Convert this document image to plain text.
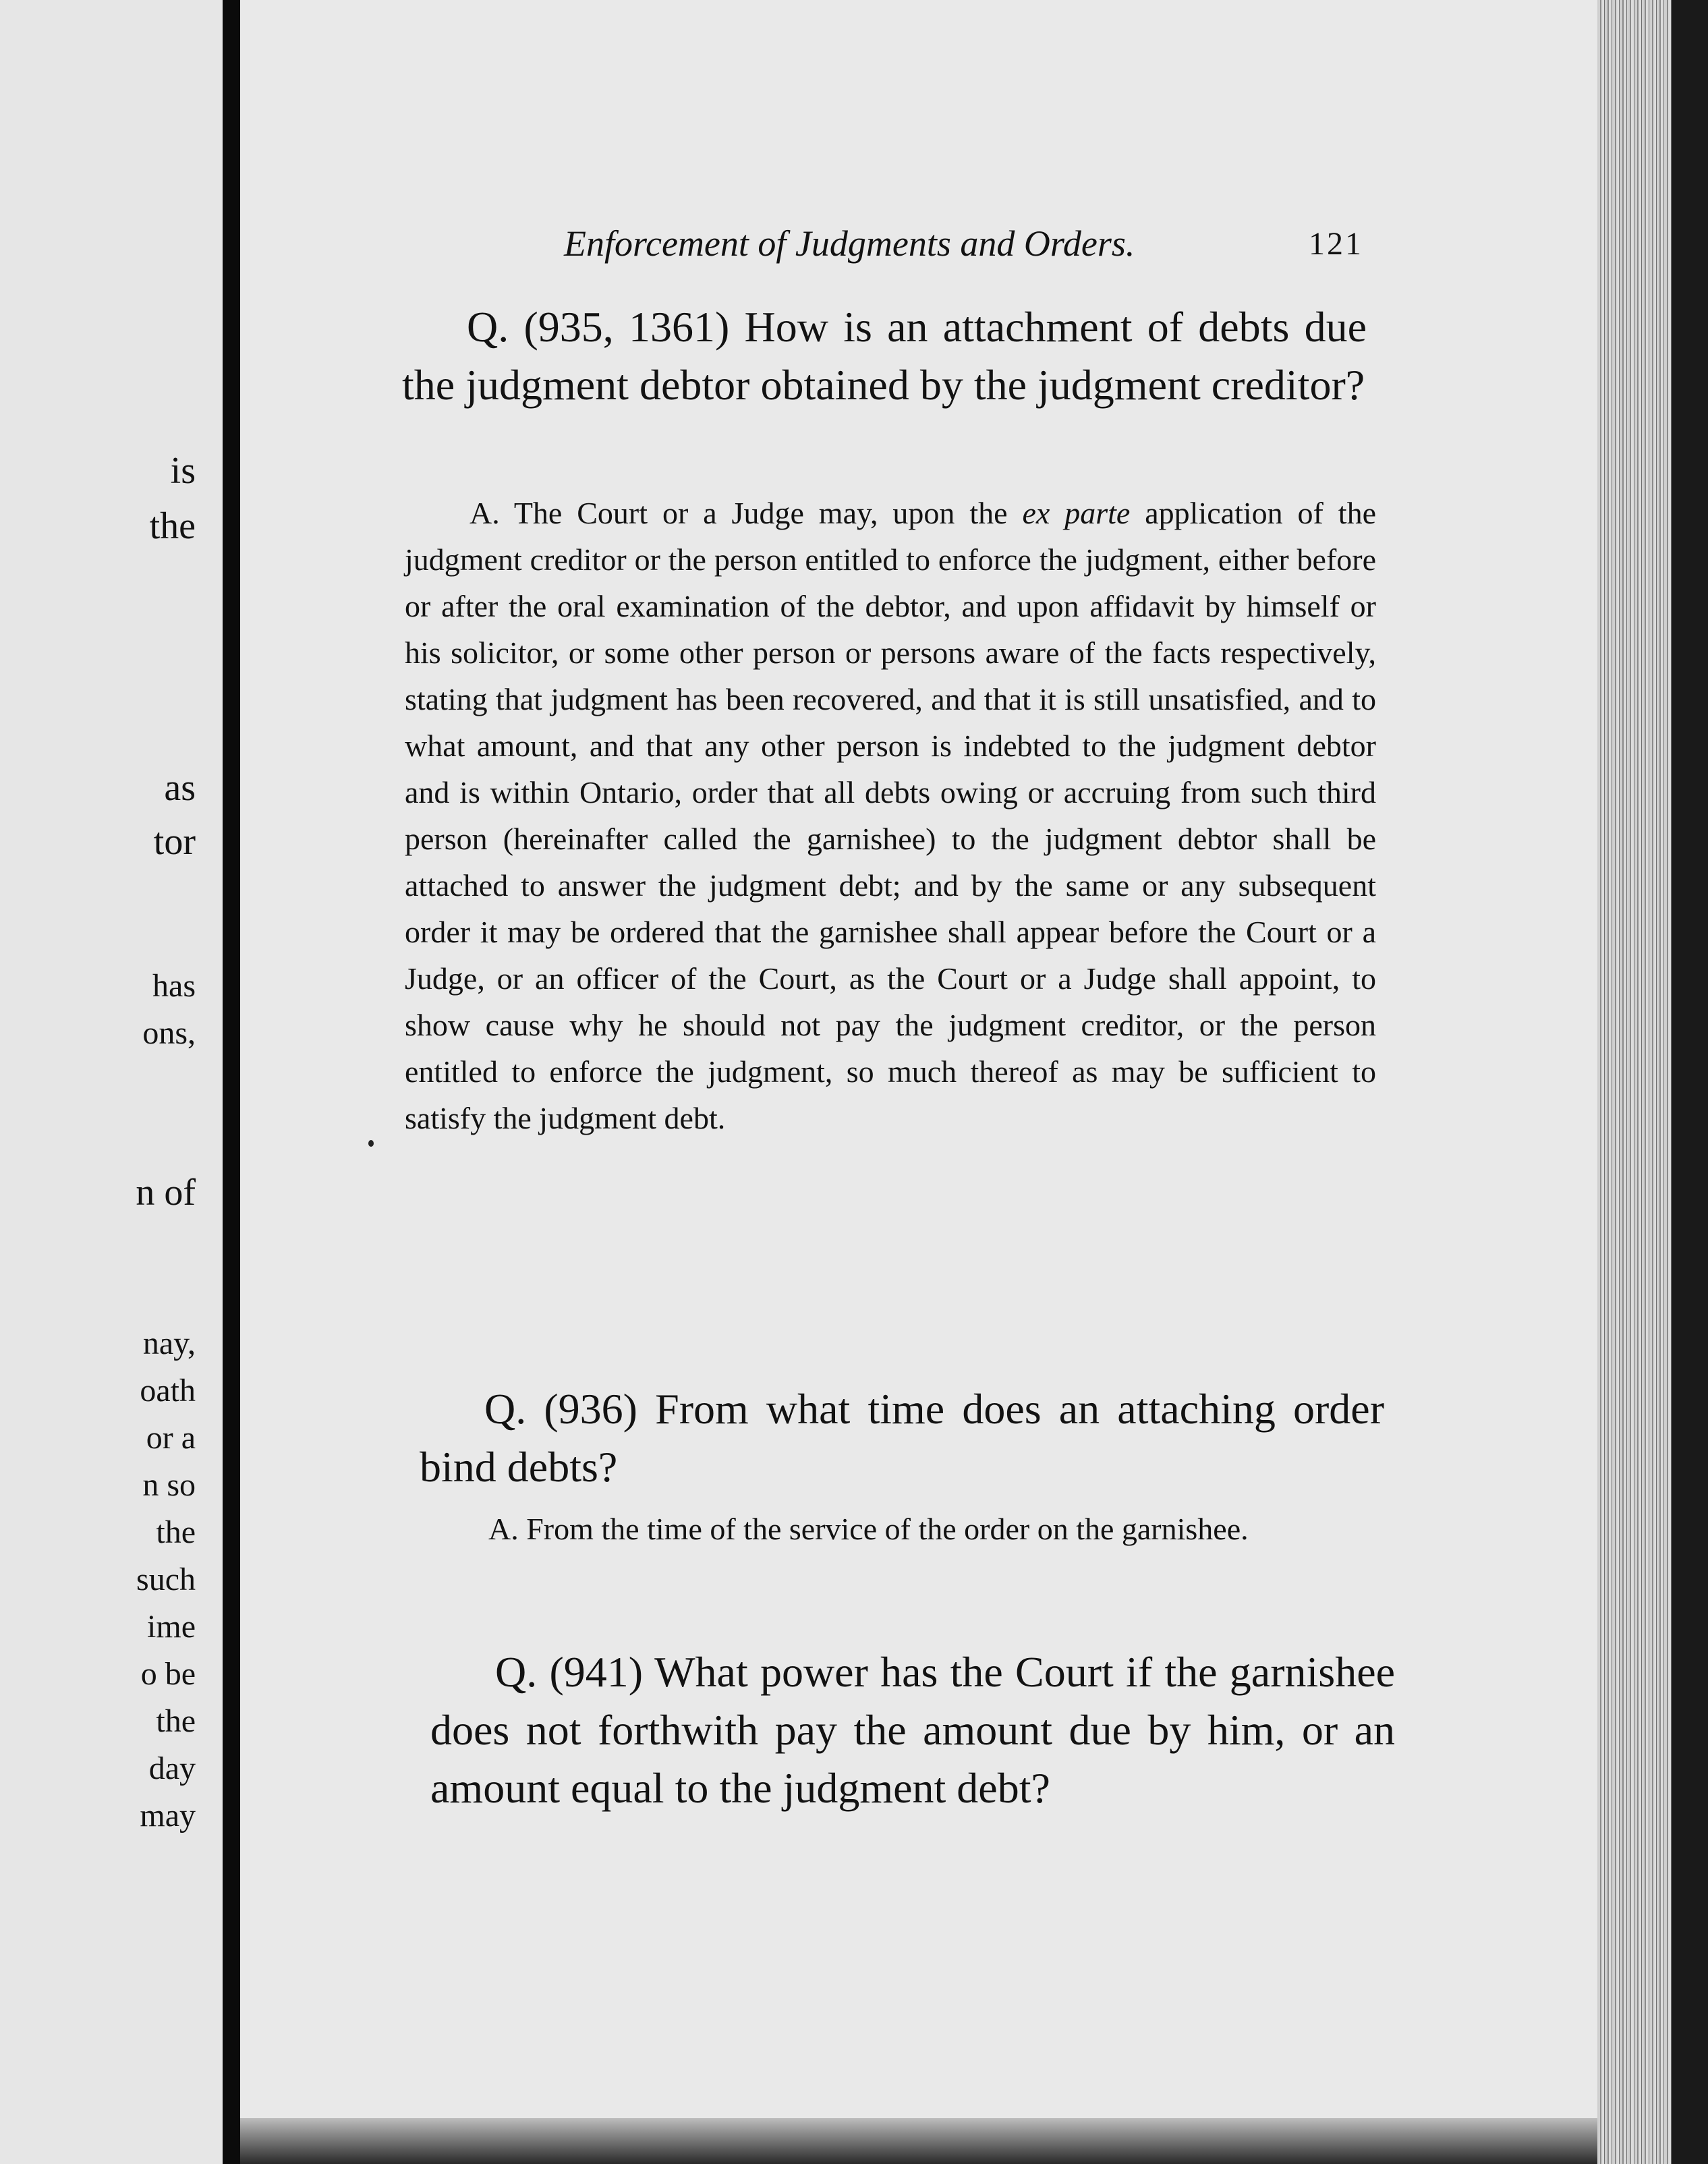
is
the
as
tor
has
ons,
n of
nay,
oath
or a
n so
the
such
ime
o be
the
day
may
Enforcement of Judgments and Orders.	121
Q. (935, 1361) How is an attachment of debts due the judgment debtor obtained by the judgment creditor?
A. The Court or a Judge may, upon the ex parte application of the judgment creditor or the person entitled to enforce the judgment, either before or after the oral examination of the debtor, and upon affidavit by himself or his solicitor, or some other person or persons aware of the facts respectively, stating that judgment has been recovered, and that it is still unsatisfied, and to what amount, and that any other person is indebted to the judgment debtor and is within Ontario, order that all debts owing or accruing from such third person (hereinafter called the garnishee) to the judgment debtor shall be attached to answer the judgment debt; and by the same or any subsequent order it may be ordered that the garnishee shall appear before the Court or a Judge, or an officer of the Court, as the Court or a Judge shall appoint, to show cause why he should not pay the judgment creditor, or the person entitled to enforce the judgment, so much thereof as may be sufficient to satisfy the judgment debt.
Q. (936) From what time does an attaching order bind debts?
A. From the time of the service of the order on the garnishee.
Q. (941) What power has the Court if the garnishee does not forthwith pay the amount due by him, or an amount equal to the judgment debt?
